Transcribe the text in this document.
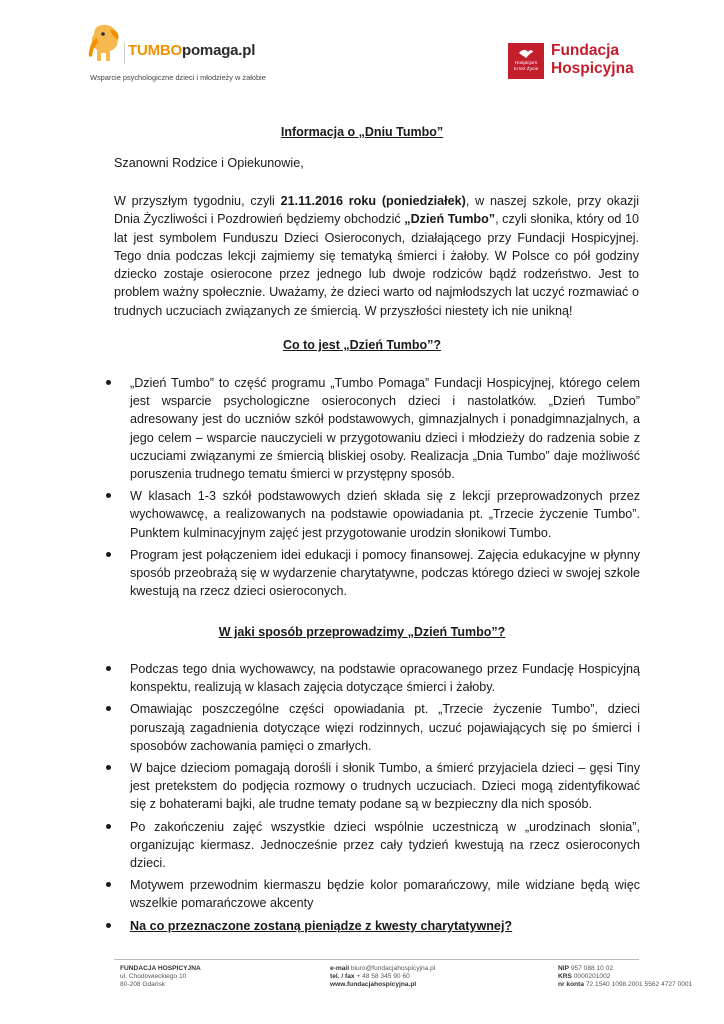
TUMBOpomaga.pl
Wsparcie psychologiczne dzieci i młodzieży w żałobie
Hospicjum
to też Życie
Fundacja
Hospicyjna
Informacja o „Dniu Tumbo”
Szanowni Rodzice i Opiekunowie,
W przyszłym tygodniu, czyli 21.11.2016 roku (poniedziałek), w naszej szkole, przy okazji Dnia Życzliwości i Pozdrowień będziemy obchodzić „Dzień Tumbo”, czyli słonika, który od 10 lat jest symbolem Funduszu Dzieci Osieroconych, działającego przy Fundacji Hospicyjnej. Tego dnia podczas lekcji zajmiemy się tematyką śmierci i żałoby. W Polsce co pół godziny dziecko zostaje osierocone przez jednego lub dwoje rodziców bądź rodzeństwo. Jest to problem ważny społecznie. Uważamy, że dzieci warto od najmłodszych lat uczyć rozmawiać o trudnych uczuciach związanych ze śmiercią. W przyszłości niestety ich nie unikną!
Co to jest „Dzień Tumbo”?
„Dzień Tumbo” to część programu „Tumbo Pomaga” Fundacji Hospicyjnej, którego celem jest wsparcie psychologiczne osieroconych dzieci i nastolatków. „Dzień Tumbo” adresowany jest do uczniów szkół podstawowych, gimnazjalnych i ponadgimnazjalnych, a jego celem – wsparcie nauczycieli w przygotowaniu dzieci i młodzieży do radzenia sobie z uczuciami związanymi ze śmiercią bliskiej osoby. Realizacja „Dnia Tumbo” daje możliwość poruszenia trudnego tematu śmierci w przystępny sposób.
W klasach 1-3 szkół podstawowych dzień składa się z lekcji przeprowadzonych przez wychowawcę, a realizowanych na podstawie opowiadania pt. „Trzecie życzenie Tumbo”. Punktem kulminacyjnym zajęć jest przygotowanie urodzin słonikowi Tumbo.
Program jest połączeniem idei edukacji i pomocy finansowej. Zajęcia edukacyjne w płynny sposób przeobrażą się w wydarzenie charytatywne, podczas którego dzieci w swojej szkole kwestują na rzecz dzieci osieroconych.
W jaki sposób przeprowadzimy „Dzień Tumbo”?
Podczas tego dnia wychowawcy, na podstawie opracowanego przez Fundację Hospicyjną konspektu, realizują w klasach zajęcia dotyczące śmierci i żałoby.
Omawiając poszczególne części opowiadania pt. „Trzecie życzenie Tumbo”, dzieci poruszają zagadnienia dotyczące więzi rodzinnych, uczuć pojawiających się po śmierci i sposobów zachowania pamięci o zmarłych.
W bajce dzieciom pomagają dorośli i słonik Tumbo, a śmierć przyjaciela dzieci – gęsi Tiny jest pretekstem do podjęcia rozmowy o trudnych uczuciach. Dzieci mogą zidentyfikować się z bohaterami bajki, ale trudne tematy podane są w bezpieczny dla nich sposób.
Po zakończeniu zajęć wszystkie dzieci wspólnie uczestniczą w „urodzinach słonia”, organizując kiermasz. Jednocześnie przez cały tydzień kwestują na rzecz osieroconych dzieci.
Motywem przewodnim kiermaszu będzie kolor pomarańczowy, mile widziane będą więc wszelkie pomarańczowe akcenty
Na co przeznaczone zostaną pieniądze z kwesty charytatywnej?
FUNDACJA HOSPICYJNA
ul. Chodowieckiego 10
80-208 Gdańsk
e-mail biuro@fundacjahospicyjna.pl
tel. / fax + 48 58 345 90 60
www.fundacjahospicyjna.pl
NIP 957 088 10 02
KRS 0000201002
nr konta 72 1540 1098 2001 5562 4727 0001
